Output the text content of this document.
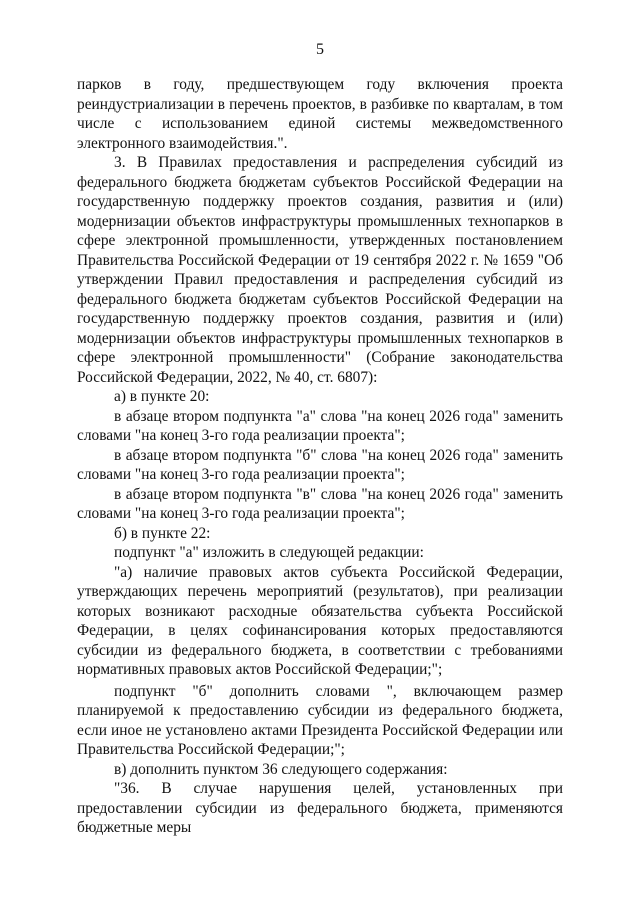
5

парков в году, предшествующем году включения проекта реиндустриализации в перечень проектов, в разбивке по кварталам, в том числе с использованием единой системы межведомственного электронного взаимодействия.".

3. В Правилах предоставления и распределения субсидий из федерального бюджета бюджетам субъектов Российской Федерации на государственную поддержку проектов создания, развития и (или) модернизации объектов инфраструктуры промышленных технопарков в сфере электронной промышленности, утвержденных постановлением Правительства Российской Федерации от 19 сентября 2022 г. № 1659 "Об утверждении Правил предоставления и распределения субсидий из федерального бюджета бюджетам субъектов Российской Федерации на государственную поддержку проектов создания, развития и (или) модернизации объектов инфраструктуры промышленных технопарков в сфере электронной промышленности" (Собрание законодательства Российской Федерации, 2022, № 40, ст. 6807):

а) в пункте 20:

в абзаце втором подпункта "а" слова "на конец 2026 года" заменить словами "на конец 3-го года реализации проекта";

в абзаце втором подпункта "б" слова "на конец 2026 года" заменить словами "на конец 3-го года реализации проекта";

в абзаце втором подпункта "в" слова "на конец 2026 года" заменить словами "на конец 3-го года реализации проекта";

б) в пункте 22:

подпункт "а" изложить в следующей редакции:

"а) наличие правовых актов субъекта Российской Федерации, утверждающих перечень мероприятий (результатов), при реализации которых возникают расходные обязательства субъекта Российской Федерации, в целях софинансирования которых предоставляются субсидии из федерального бюджета, в соответствии с требованиями нормативных правовых актов Российской Федерации;";

подпункт "б" дополнить словами ", включающем размер планируемой к предоставлению субсидии из федерального бюджета, если иное не установлено актами Президента Российской Федерации или Правительства Российской Федерации;";

в) дополнить пунктом 36 следующего содержания:

"36. В случае нарушения целей, установленных при предоставлении субсидии из федерального бюджета, применяются бюджетные меры
